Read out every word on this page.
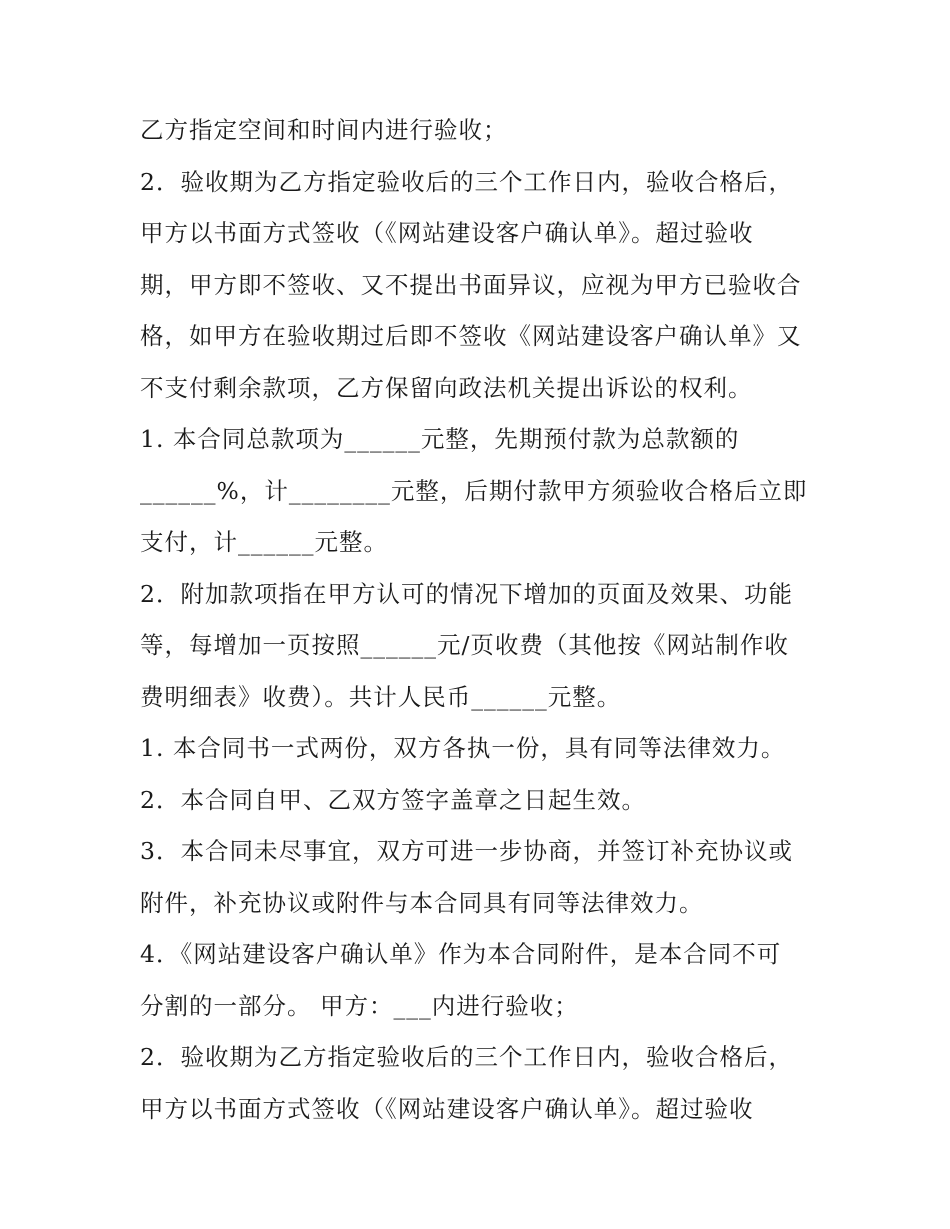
乙方指定空间和时间内进行验收；
2．验收期为乙方指定验收后的三个工作日内，验收合格后，
甲方以书面方式签收（《网站建设客户确认单》。超过验收
期，甲方即不签收、又不提出书面异议，应视为甲方已验收合
格，如甲方在验收期过后即不签收《网站建设客户确认单》又
不支付剩余款项，乙方保留向政法机关提出诉讼的权利。
1. 本合同总款项为______元整，先期预付款为总款额的
______%，计________元整，后期付款甲方须验收合格后立即
支付，计______元整。
2．附加款项指在甲方认可的情况下增加的页面及效果、功能
等，每增加一页按照______元/页收费（其他按《网站制作收
费明细表》收费）。共计人民币______元整。
1. 本合同书一式两份，双方各执一份，具有同等法律效力。
2．本合同自甲、乙双方签字盖章之日起生效。
3．本合同未尽事宜，双方可进一步协商，并签订补充协议或
附件，补充协议或附件与本合同具有同等法律效力。
4．《网站建设客户确认单》作为本合同附件，是本合同不可
分割的一部分。 甲方：___内进行验收；
2．验收期为乙方指定验收后的三个工作日内，验收合格后，
甲方以书面方式签收（《网站建设客户确认单》。超过验收
